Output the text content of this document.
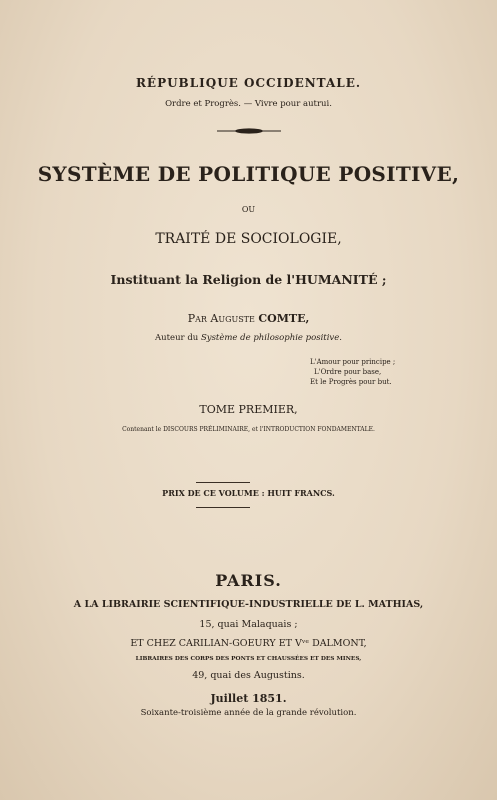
RÉPUBLIQUE OCCIDENTALE.
Ordre et Progrès. — Vivre pour autrui.
SYSTÈME DE POLITIQUE POSITIVE,
OU
TRAITÉ DE SOCIOLOGIE,
Instituant la Religion de l'HUMANITÉ ;
Par Auguste COMTE,
Auteur du Système de philosophie positive.
L'Amour pour principe ;
L'Ordre pour base,
Et le Progrès pour but.
TOME PREMIER,
Contenant le DISCOURS PRÉLIMINAIRE, et l'INTRODUCTION FONDAMENTALE.
PRIX DE CE VOLUME : HUIT FRANCS.
PARIS.
A LA LIBRAIRIE SCIENTIFIQUE-INDUSTRIELLE DE L. MATHIAS,
15, quai Malaquais ;
ET CHEZ CARILIAN-GOEURY ET Vᵛᵉ DALMONT,
LIBRAIRES DES CORPS DES PONTS ET CHAUSSÉES ET DES MINES,
49, quai des Augustins.
Juillet 1851.
Soixante-troisième année de la grande révolution.
